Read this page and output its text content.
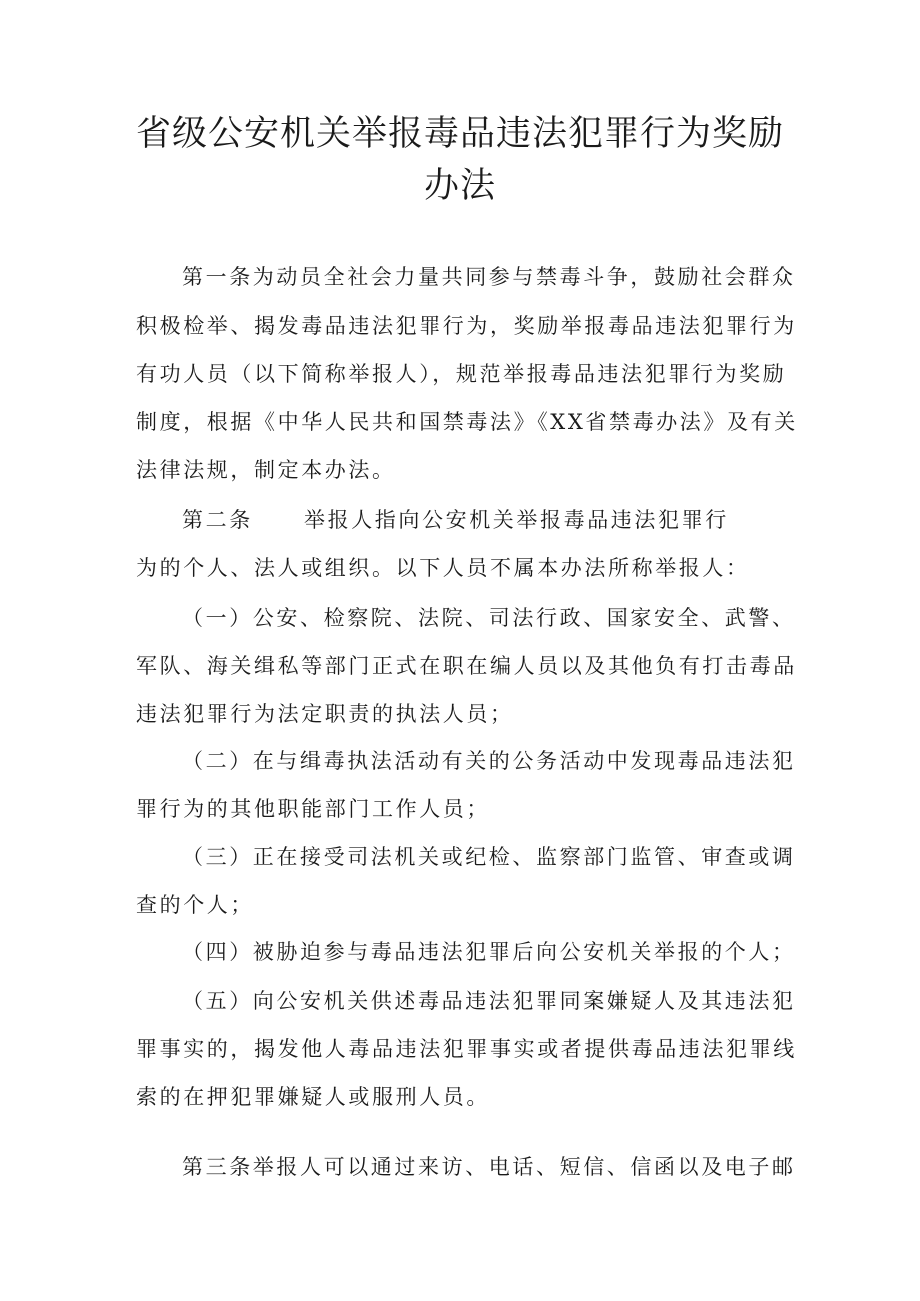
省级公安机关举报毒品违法犯罪行为奖励
办法

第一条为动员全社会力量共同参与禁毒斗争，鼓励社会群众

积极检举、揭发毒品违法犯罪行为，奖励举报毒品违法犯罪行为

有功人员（以下简称举报人），规范举报毒品违法犯罪行为奖励

制度，根据《中华人民共和国禁毒法》《XX省禁毒办法》及有关

法律法规，制定本办法。

第二条 举报人指向公安机关举报毒品违法犯罪行

为的个人、法人或组织。以下人员不属本办法所称举报人：

（一）公安、检察院、法院、司法行政、国家安全、武警、

军队、海关缉私等部门正式在职在编人员以及其他负有打击毒品

违法犯罪行为法定职责的执法人员；

（二）在与缉毒执法活动有关的公务活动中发现毒品违法犯

罪行为的其他职能部门工作人员；

（三）正在接受司法机关或纪检、监察部门监管、审查或调

查的个人；

（四）被胁迫参与毒品违法犯罪后向公安机关举报的个人；

（五）向公安机关供述毒品违法犯罪同案嫌疑人及其违法犯

罪事实的，揭发他人毒品违法犯罪事实或者提供毒品违法犯罪线

索的在押犯罪嫌疑人或服刑人员。

第三条举报人可以通过来访、电话、短信、信函以及电子邮
